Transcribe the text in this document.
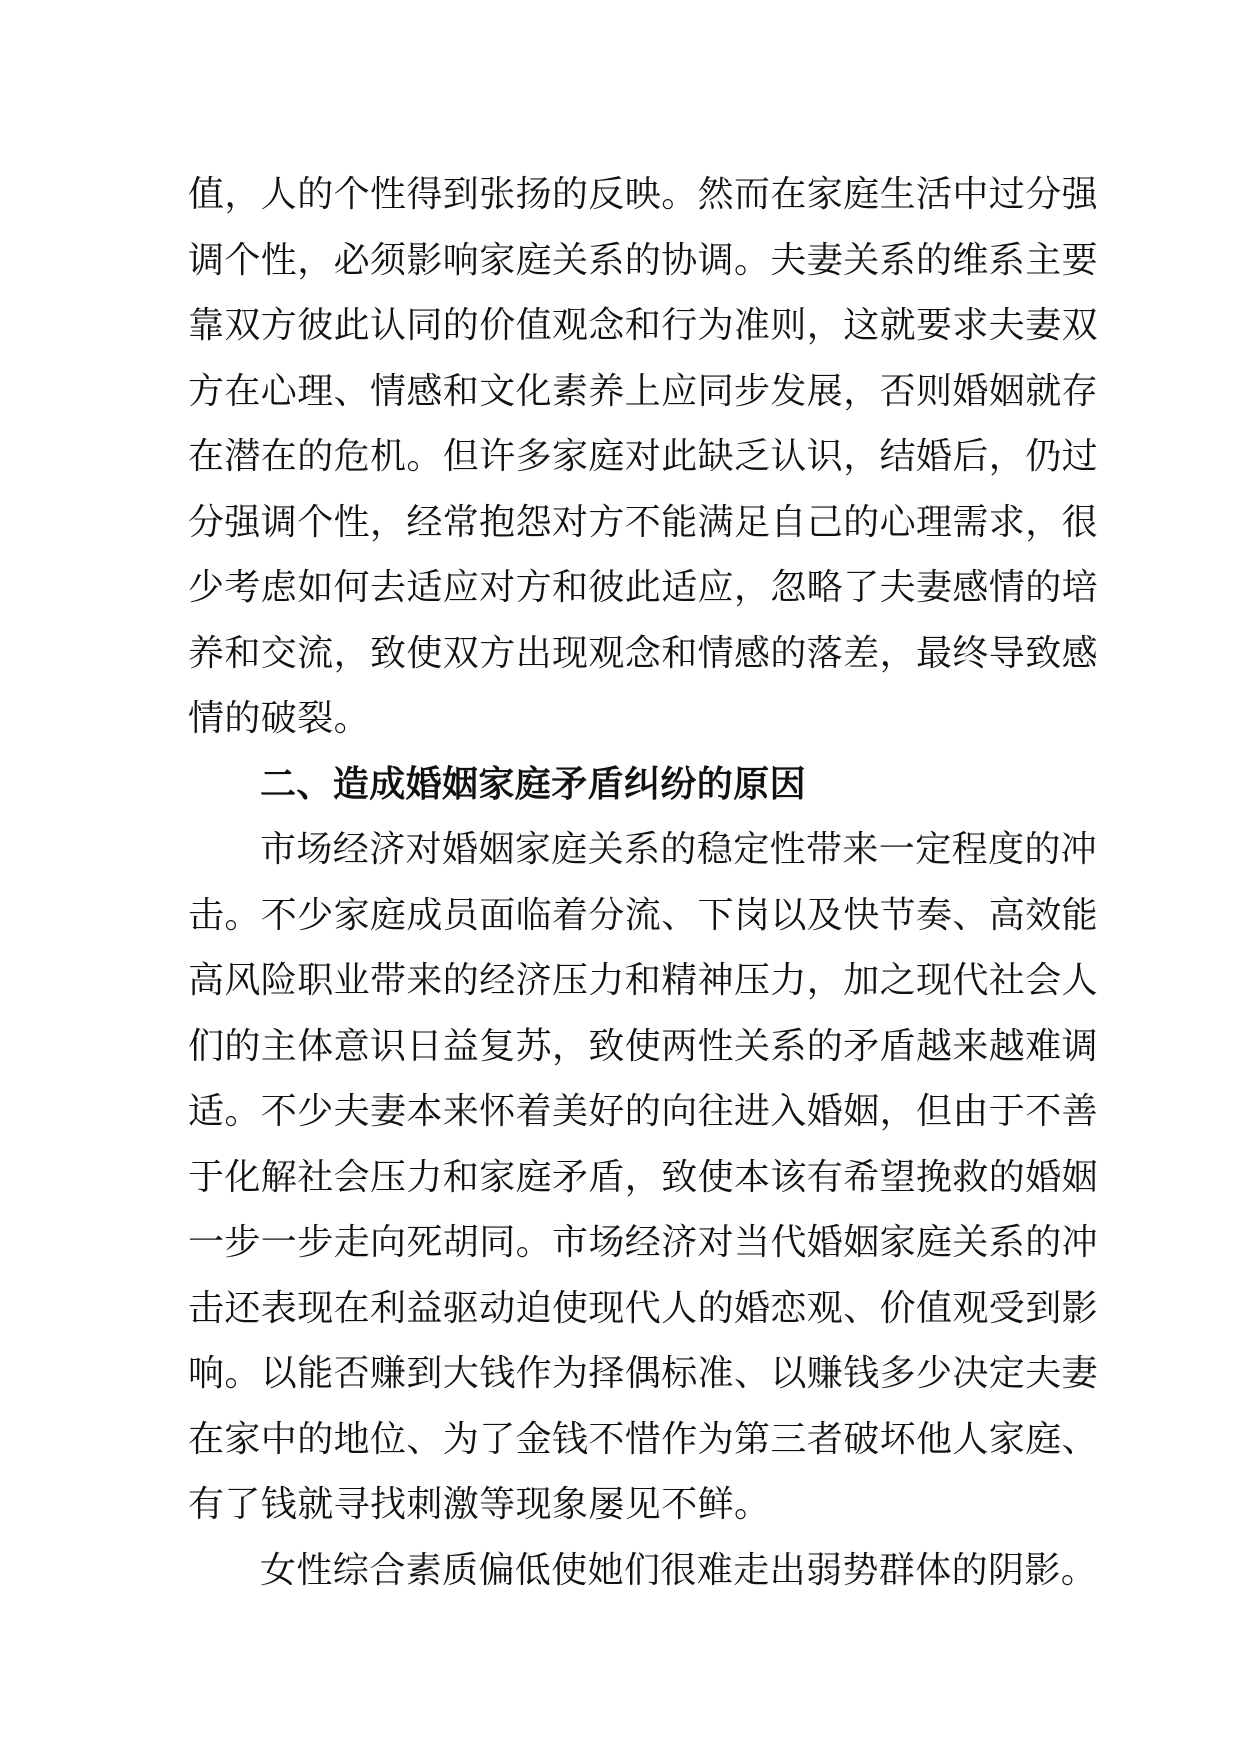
值，人的个性得到张扬的反映。然而在家庭生活中过分强
调个性，必须影响家庭关系的协调。夫妻关系的维系主要
靠双方彼此认同的价值观念和行为准则，这就要求夫妻双
方在心理、情感和文化素养上应同步发展，否则婚姻就存
在潜在的危机。但许多家庭对此缺乏认识，结婚后，仍过
分强调个性，经常抱怨对方不能满足自己的心理需求，很
少考虑如何去适应对方和彼此适应，忽略了夫妻感情的培
养和交流，致使双方出现观念和情感的落差，最终导致感
情的破裂。
二、造成婚姻家庭矛盾纠纷的原因
市场经济对婚姻家庭关系的稳定性带来一定程度的冲
击。不少家庭成员面临着分流、下岗以及快节奏、高效能
高风险职业带来的经济压力和精神压力，加之现代社会人
们的主体意识日益复苏，致使两性关系的矛盾越来越难调
适。不少夫妻本来怀着美好的向往进入婚姻，但由于不善
于化解社会压力和家庭矛盾，致使本该有希望挽救的婚姻
一步一步走向死胡同。市场经济对当代婚姻家庭关系的冲
击还表现在利益驱动迫使现代人的婚恋观、价值观受到影
响。以能否赚到大钱作为择偶标准、以赚钱多少决定夫妻
在家中的地位、为了金钱不惜作为第三者破坏他人家庭、
有了钱就寻找刺激等现象屡见不鲜。
女性综合素质偏低使她们很难走出弱势群体的阴影。
